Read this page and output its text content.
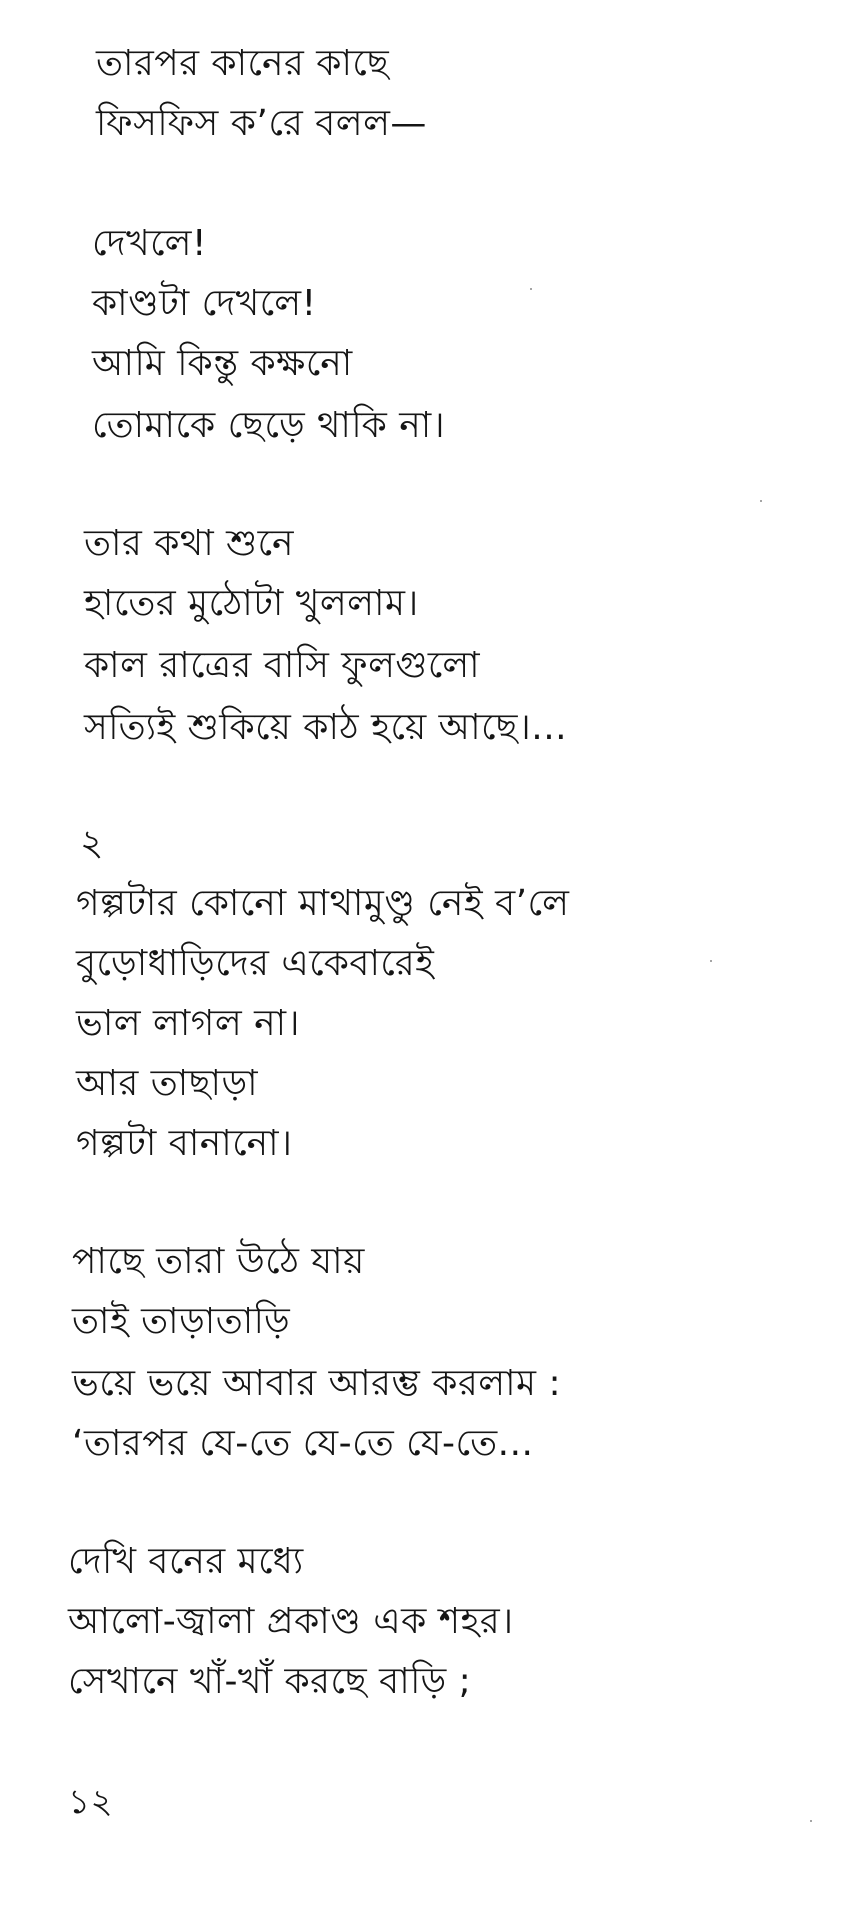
তারপর কানের কাছে
ফিসফিস ক’রে বলল—
দেখলে!
কাণ্ডটা দেখলে!
আমি কিন্তু কক্ষনো
তোমাকে ছেড়ে থাকি না।
তার কথা শুনে
হাতের মুঠোটা খুললাম।
কাল রাত্রের বাসি ফুলগুলো
সত্যিই শুকিয়ে কাঠ হয়ে আছে।...
২
গল্পটার কোনো মাথামুণ্ডু নেই ব’লে
বুড়োধাড়িদের একেবারেই
ভাল লাগল না।
আর তাছাড়া
গল্পটা বানানো।
পাছে তারা উঠে যায়
তাই তাড়াতাড়ি
ভয়ে ভয়ে আবার আরম্ভ করলাম :
‘তারপর যে-তে যে-তে যে-তে...
দেখি বনের মধ্যে
আলো-জ্বালা প্রকাণ্ড এক শহর।
সেখানে খাঁ-খাঁ করছে বাড়ি ;
১২
